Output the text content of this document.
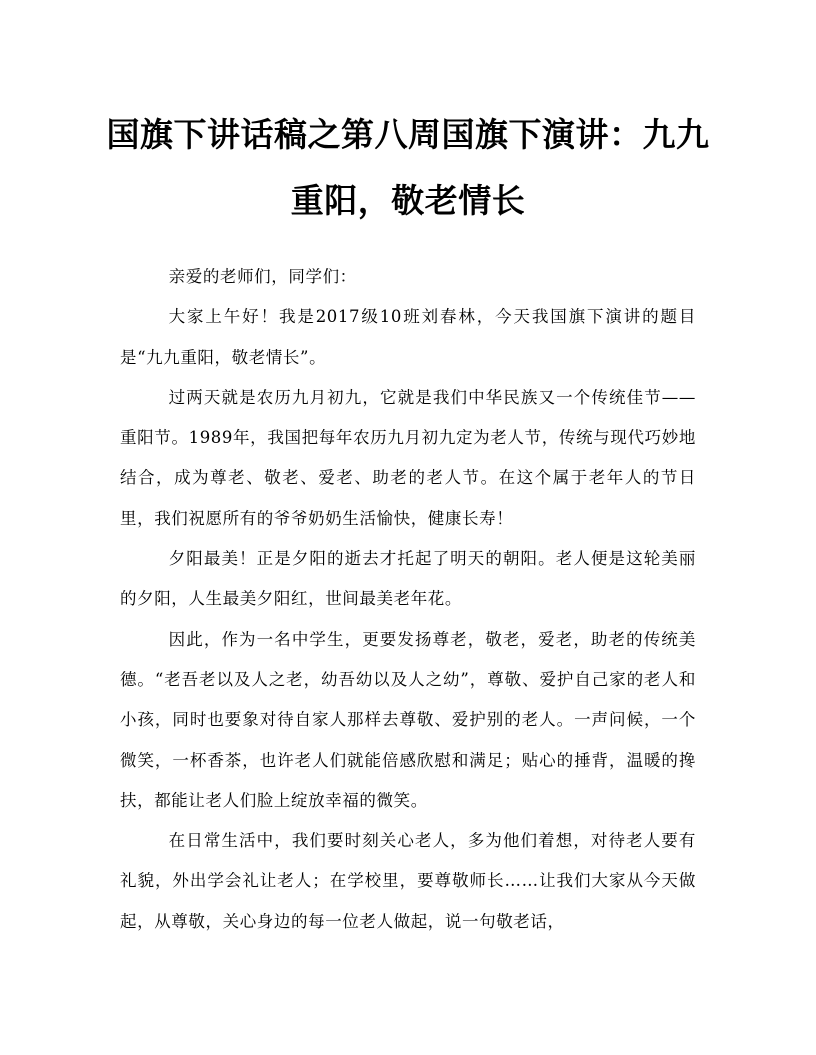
国旗下讲话稿之第八周国旗下演讲：九九重阳，敬老情长

亲爱的老师们，同学们：

大家上午好！我是2017级10班刘春林，今天我国旗下演讲的题目是“九九重阳，敬老情长”。

过两天就是农历九月初九，它就是我们中华民族又一个传统佳节——重阳节。1989年，我国把每年农历九月初九定为老人节，传统与现代巧妙地结合，成为尊老、敬老、爱老、助老的老人节。在这个属于老年人的节日里，我们祝愿所有的爷爷奶奶生活愉快，健康长寿！

夕阳最美！正是夕阳的逝去才托起了明天的朝阳。老人便是这轮美丽的夕阳，人生最美夕阳红，世间最美老年花。

因此，作为一名中学生，更要发扬尊老，敬老，爱老，助老的传统美德。“老吾老以及人之老，幼吾幼以及人之幼”，尊敬、爱护自己家的老人和小孩，同时也要象对待自家人那样去尊敬、爱护别的老人。一声问候，一个微笑，一杯香茶，也许老人们就能倍感欣慰和满足；贴心的捶背，温暖的搀扶，都能让老人们脸上绽放幸福的微笑。

在日常生活中，我们要时刻关心老人，多为他们着想，对待老人要有礼貌，外出学会礼让老人；在学校里，要尊敬师长……让我们大家从今天做起，从尊敬，关心身边的每一位老人做起，说一句敬老话，
